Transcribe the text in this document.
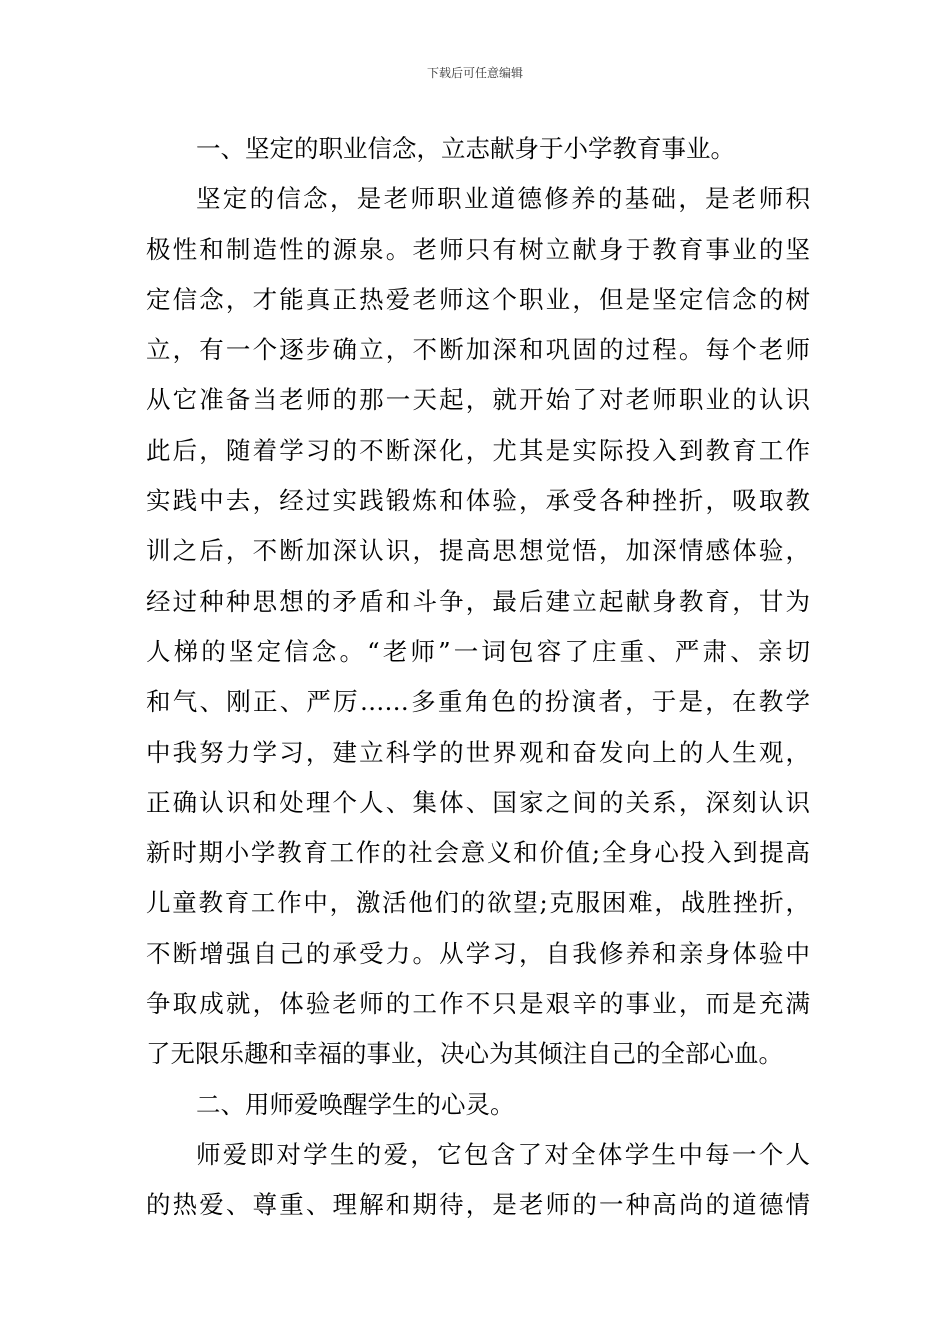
下载后可任意编辑
一、坚定的职业信念，立志献身于小学教育事业。
坚定的信念，是老师职业道德修养的基础，是老师积
极性和制造性的源泉。老师只有树立献身于教育事业的坚
定信念，才能真正热爱老师这个职业，但是坚定信念的树
立，有一个逐步确立，不断加深和巩固的过程。每个老师
从它准备当老师的那一天起，就开始了对老师职业的认识
此后，随着学习的不断深化，尤其是实际投入到教育工作
实践中去，经过实践锻炼和体验，承受各种挫折，吸取教
训之后，不断加深认识，提高思想觉悟，加深情感体验，
经过种种思想的矛盾和斗争，最后建立起献身教育，甘为
人梯的坚定信念。“老师”一词包容了庄重、严肃、亲切
和气、刚正、严厉……多重角色的扮演者，于是，在教学
中我努力学习，建立科学的世界观和奋发向上的人生观，
正确认识和处理个人、集体、国家之间的关系，深刻认识
新时期小学教育工作的社会意义和价值;全身心投入到提高
儿童教育工作中，激活他们的欲望;克服困难，战胜挫折，
不断增强自己的承受力。从学习，自我修养和亲身体验中
争取成就，体验老师的工作不只是艰辛的事业，而是充满
了无限乐趣和幸福的事业，决心为其倾注自己的全部心血。
二、用师爱唤醒学生的心灵。
师爱即对学生的爱，它包含了对全体学生中每一个人
的热爱、尊重、理解和期待，是老师的一种高尚的道德情
